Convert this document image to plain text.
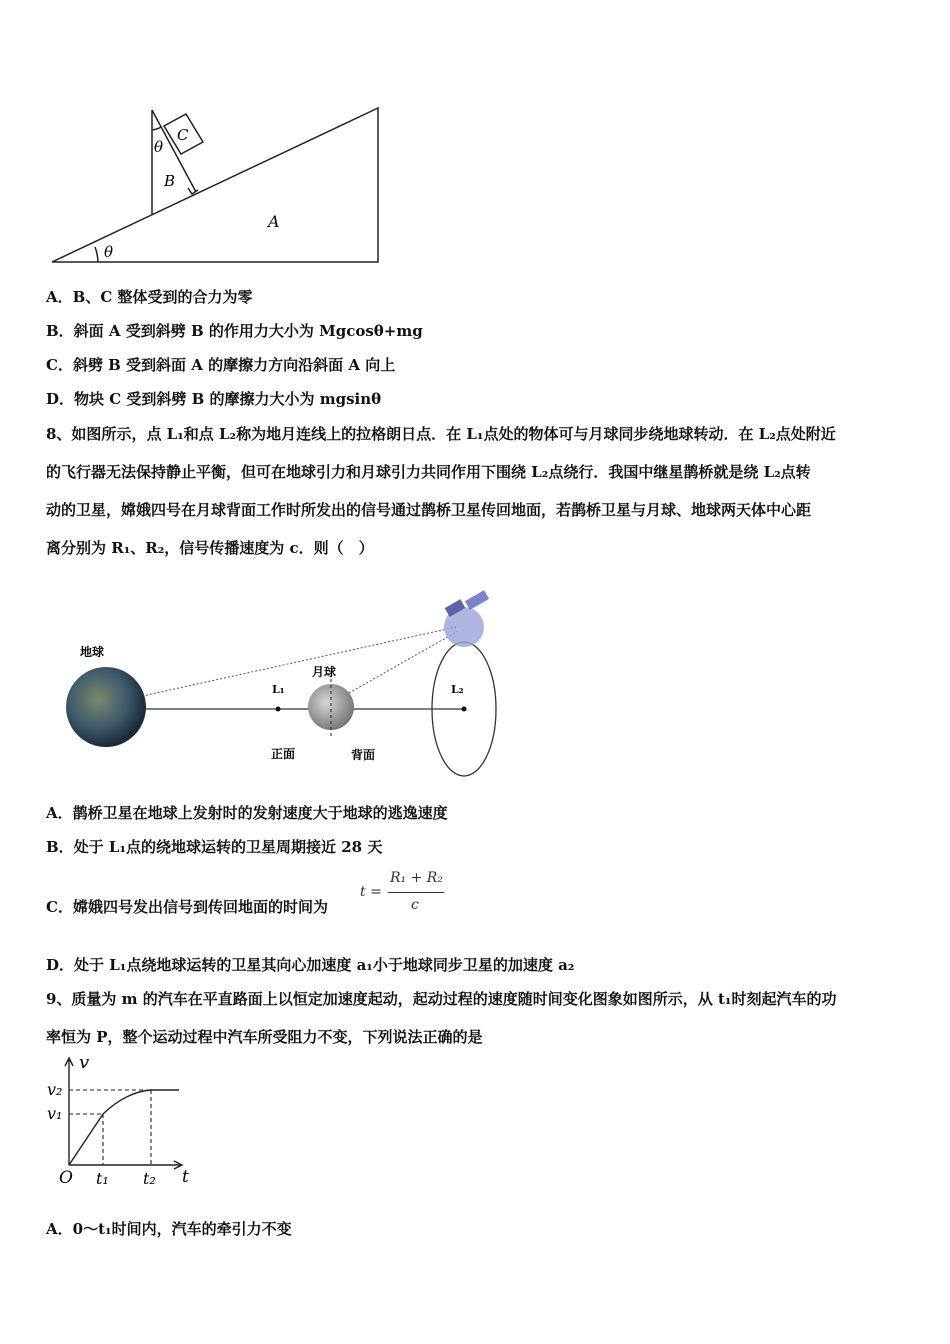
C
θ
B
A
θ
A．B、C 整体受到的合力为零
B．斜面 A 受到斜劈 B 的作用力大小为 Mgcosθ+mg
C．斜劈 B 受到斜面 A 的摩擦力方向沿斜面 A 向上
D．物块 C 受到斜劈 B 的摩擦力大小为 mgsinθ
8、如图所示，点 L₁和点 L₂称为地月连线上的拉格朗日点．在 L₁点处的物体可与月球同步绕地球转动．在 L₂点处附近
的飞行器无法保持静止平衡，但可在地球引力和月球引力共同作用下围绕 L₂点绕行．我国中继星鹊桥就是绕 L₂点转
动的卫星，嫦娥四号在月球背面工作时所发出的信号通过鹊桥卫星传回地面，若鹊桥卫星与月球、地球两天体中心距
离分别为 R₁、R₂，信号传播速度为 c．则（　）
地球
月球
L₁	L₂
正面	背面
A．鹊桥卫星在地球上发射时的发射速度大于地球的逃逸速度
B．处于 L₁点的绕地球运转的卫星周期接近 28 天
C．嫦娥四号发出信号到传回地面的时间为
t =
R₁ + R₂
c
D．处于 L₁点绕地球运转的卫星其向心加速度 a₁小于地球同步卫星的加速度 a₂
9、质量为 m 的汽车在平直路面上以恒定加速度起动，起动过程的速度随时间变化图象如图所示，从 t₁时刻起汽车的功
率恒为 P，整个运动过程中汽车所受阻力不变，下列说法正确的是
v
v₂
v₁
O t₁ t₂ t
A．0～t₁时间内，汽车的牵引力不变
